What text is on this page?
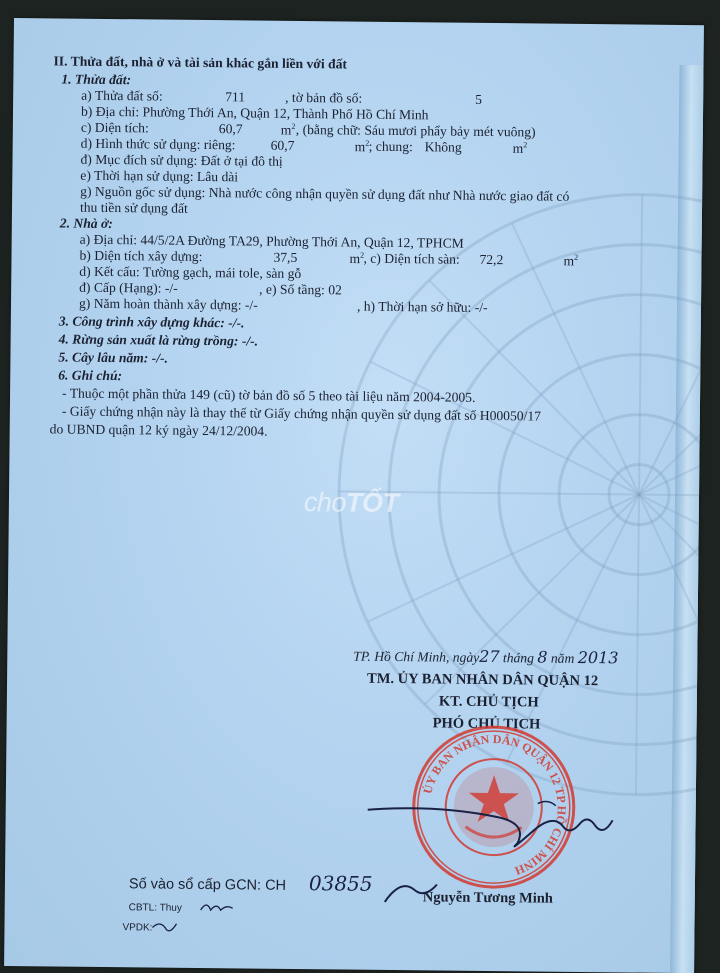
choTỐT
II. Thửa đất, nhà ở và tài sản khác gắn liền với đất
1. Thửa đất:
a) Thửa đất số:	711	, tờ bản đồ số:	5
b) Địa chỉ: Phường Thới An, Quận 12, Thành Phố Hồ Chí Minh
c) Diện tích:	60,7	$m^2$ , (bằng chữ: Sáu mươi phẩy bảy mét vuông)
d) Hình thức sử dụng: riêng:	60,7	$m^2$ ; chung: Không	$m^2$
đ) Mục đích sử dụng: Đất ở tại đô thị
e) Thời hạn sử dụng: Lâu dài
g) Nguồn gốc sử dụng: Nhà nước công nhận quyền sử dụng đất như Nhà nước giao đất có
thu tiền sử dụng đất
2. Nhà ở:
a) Địa chỉ: 44/5/2A Đường TA29, Phường Thới An, Quận 12, TPHCM
b) Diện tích xây dựng:	37,5	$m^2$ , c) Diện tích sàn: 72,2	$m^2$
d) Kết cấu: Tường gạch, mái tole, sàn gỗ
đ) Cấp (Hạng): -/-	, e) Số tầng: 02
g) Năm hoàn thành xây dựng: -/-	, h) Thời hạn sở hữu: -/-
3. Công trình xây dựng khác: -/-.
4. Rừng sản xuất là rừng trồng: -/-.
5. Cây lâu năm: -/-.
6. Ghi chú:
- Thuộc một phần thửa 149 (cũ) tờ bản đồ số 5 theo tài liệu năm 2004-2005.
- Giấy chứng nhận này là thay thế từ Giấy chứng nhận quyền sử dụng đất số H00050/17
do UBND quận 12 ký ngày 24/12/2004.
TP. Hồ Chí Minh, ngày27 tháng 8 năm 2013
TM. ỦY BAN NHÂN DÂN QUẬN 12
KT. CHỦ TỊCH
PHÓ CHỦ TỊCH
ỦY BAN NHÂN DÂN QUẬN 12 TP HỒ CHÍ MINH
Nguyễn Tương Minh
Số vào sổ cấp GCN: CH 03855
CBTL: Thuy
VPDK:
